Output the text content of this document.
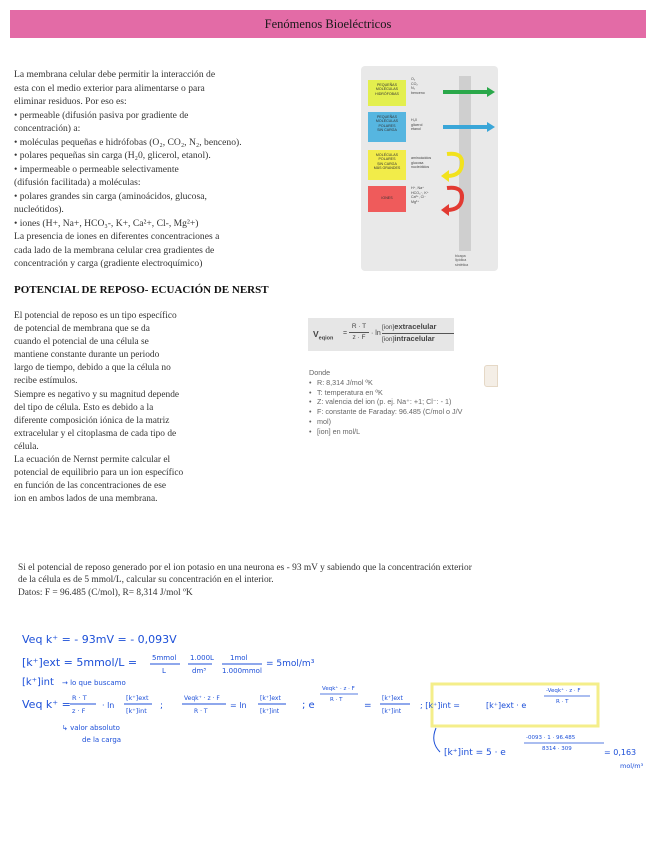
Fenómenos Bioeléctricos

La membrana celular debe permitir la interacción de

esta con el medio exterior para alimentarse o para

eliminar residuos. Por eso es:

• permeable (difusión pasiva por gradiente de

concentración) a:

• moléculas pequeñas e hidrófobas (O₂, CO₂, N₂, benceno).

• polares pequeñas sin carga (H₂0, glicerol, etanol).

• impermeable o permeable selectivamente

(difusión facilitada) a moléculas:

• polares grandes sin carga (aminoácidos, glucosa,

nucleótidos).

• iones (H+, Na+, HCO₃-, K+, Ca²+, Cl-, Mg²+)

La presencia de iones en diferentes concentraciones a

cada lado de la membrana celular crea gradientes de

concentración y carga (gradiente electroquímico)

PEQUEÑAS
MOLÉCULAS
HIDRÓFOBAS
O₂
CO₂
N₂
benceno
PEQUEÑAS
MOLÉCULAS
POLARES
SIN CARGA
H₂0
glicerol
etanol
MOLÉCULAS
POLARES
SIN CARGA
MÁS GRANDES
aminoácidos
glucosa
nucleótidos
IONES
H⁺, Na⁺
HCO₃⁻, K⁺
Ca²⁺, Cl⁻
Mg²⁺
bicapa
lipídica
sintética
POTENCIAL DE REPOSO- ECUACIÓN DE NERST

El potencial de reposo es un tipo específico

de potencial de membrana que se da

cuando el potencial de una célula se

mantiene constante durante un periodo

largo de tiempo, debido a que la célula no

recibe estímulos.

Siempre es negativo y su magnitud depende

del tipo de célula. Esto es debido a la

diferente composición iónica de la matriz

extracelular y el citoplasma de cada tipo de

célula.

La ecuación de Nernst permite calcular el

potencial de equilibrio para un ion específico

en función de las concentraciones de ese

ion en ambos lados de una membrana.

$V_{eqion}$
=
R · T
z · F
· ln
[ion]extracelular
[ion]intracelular
Donde
• R: 8,314 J/mol ºK
• T: temperatura en ºK
• Z: valencia del ion (p. ej. Na⁺: +1; Cl⁻: - 1)
• F: constante de Faraday: 96.485 (C/mol o J/V
• mol)
• [ion] en mol/L

Si el potencial de reposo generado por el ion potasio en una neurona es - 93 mV y sabiendo que la concentración exterior

de la célula es de 5 mmol/L, calcular su concentración en el interior.

Datos: F = 96.485 (C/mol), R= 8,314 J/mol ºK

Veq k⁺ = - 93mV = - 0,093V
[k⁺]ext = 5mmol/L = 5mmol
L
1.000L
dm³
1mol
1.000mmol
= 5mol/m³
[k⁺]int → lo que buscamo
Veq k⁺ = R · T
z · F
· ln
[k⁺]ext
[k⁺]int ;
Veqk⁺ · z · F
R · T
= ln
[k⁺]ext
[k⁺]int
; e
Veqk⁺ · z · F
R · T
=
[k⁺]ext
[k⁺]int
; [k⁺]int =	[k⁺]ext · e
-Veqk⁺ · z · F
R · T
↳ valor absoluto
de la carga
[k⁺]int = 5 · e
-0093 · 1 · 96.485
8314 · 309	= 0,163
mol/m³
